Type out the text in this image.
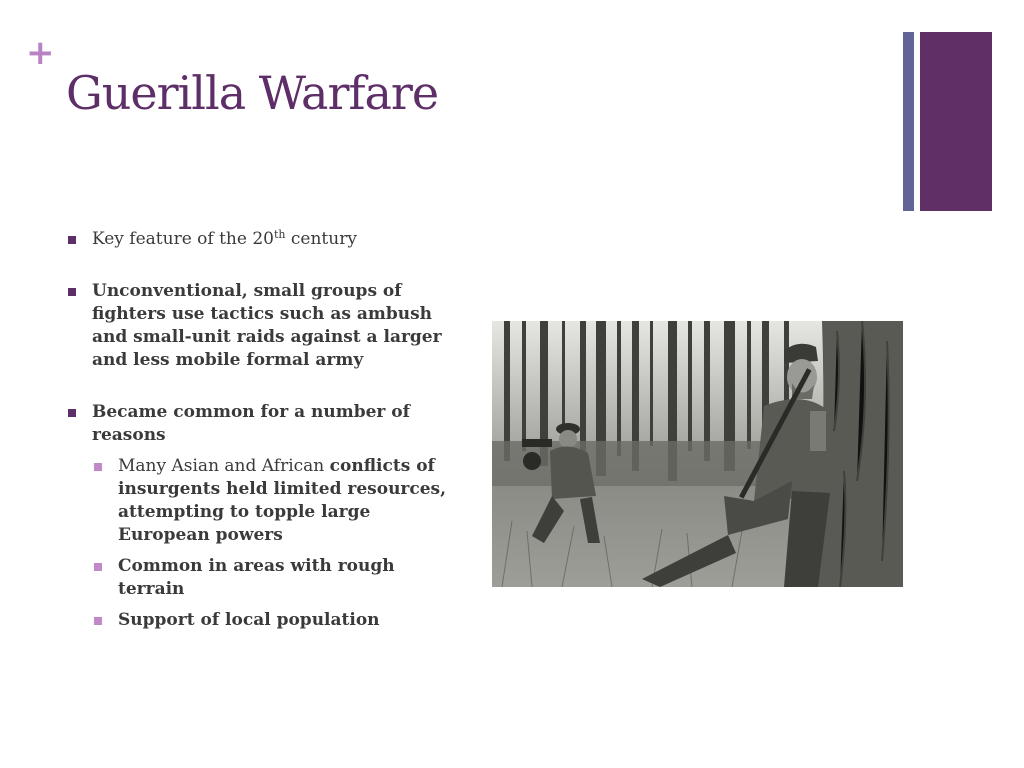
+
Guerilla Warfare
Key feature of the 20th century
Unconventional, small groups of fighters use tactics such as ambush and small-unit raids against a larger and less mobile formal army
Became common for a number of reasons
Many Asian and African conflicts of insurgents held limited resources, attempting to topple large European powers
Common in areas with rough terrain
Support of local population
